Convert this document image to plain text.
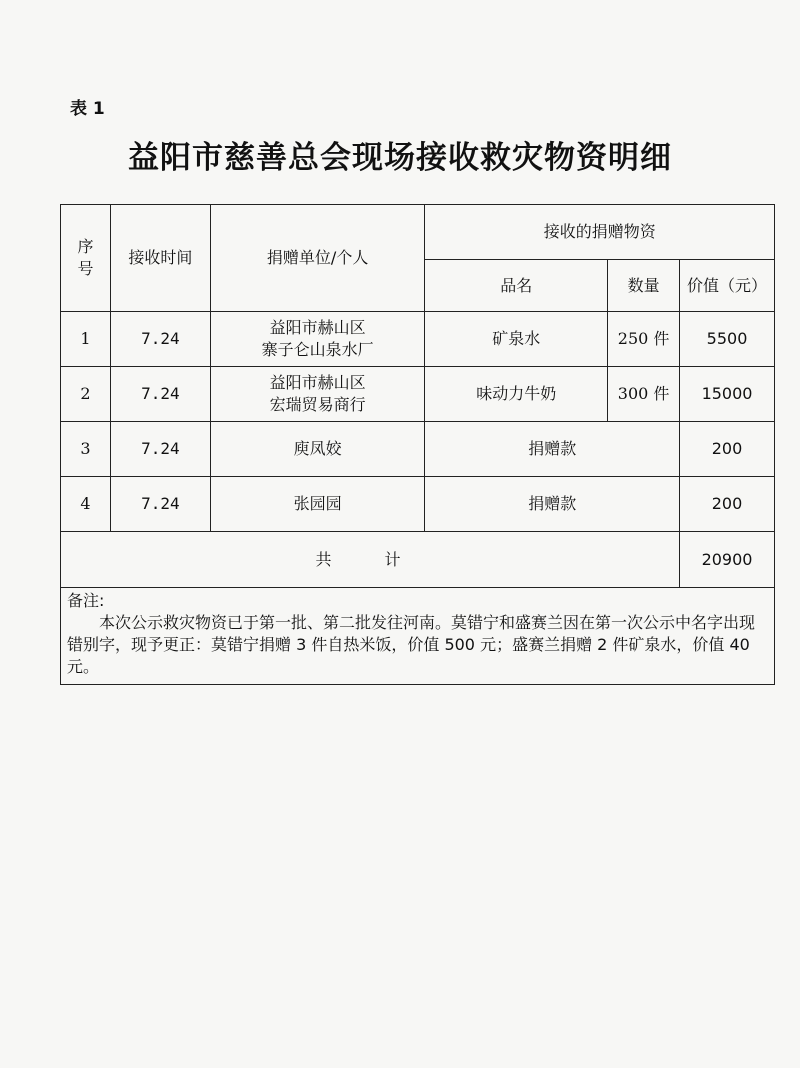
表 1
益阳市慈善总会现场接收救灾物资明细
序号	接收时间	捐赠单位/个人	接收的捐赠物资		
			品名	数量	价值（元）
1	7.24	益阳市赫山区
寨子仑山泉水厂	矿泉水	250 件	5500
2	7.24	益阳市赫山区
宏瑞贸易商行	味动力牛奶	300 件	15000
3	7.24	庾凤姣	捐赠款		200
4	7.24	张园园	捐赠款		200
共 计					20900

备注:
本次公示救灾物资已于第一批、第二批发往河南。莫错宁和盛赛兰因在第一次公示中名字出现错别字，现予更正：莫错宁捐赠 3 件自热米饭，价值 500 元；盛赛兰捐赠 2 件矿泉水，价值 40 元。					
